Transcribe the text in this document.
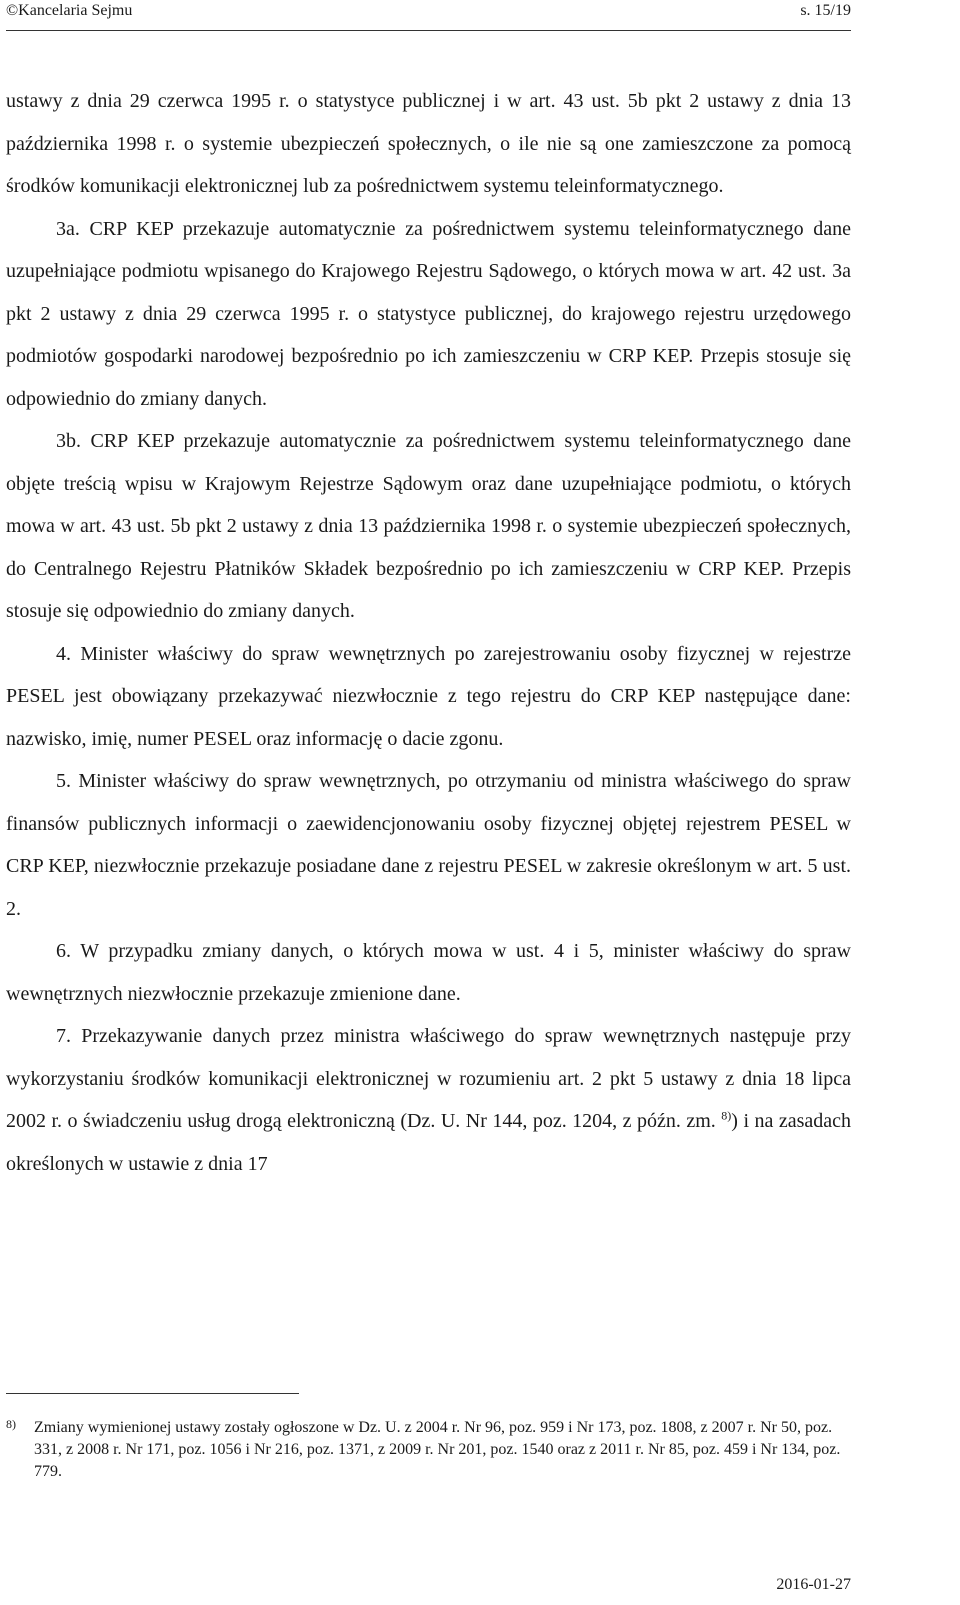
©Kancelaria Sejmu	s. 15/19

ustawy z dnia 29 czerwca 1995 r. o statystyce publicznej i w art. 43 ust. 5b pkt 2 ustawy z dnia 13 października 1998 r. o systemie ubezpieczeń społecznych, o ile nie są one zamieszczone za pomocą środków komunikacji elektronicznej lub za pośrednictwem systemu teleinformatycznego.

3a. CRP KEP przekazuje automatycznie za pośrednictwem systemu teleinformatycznego dane uzupełniające podmiotu wpisanego do Krajowego Rejestru Sądowego, o których mowa w art. 42 ust. 3a pkt 2 ustawy z dnia 29 czerwca 1995 r. o statystyce publicznej, do krajowego rejestru urzędowego podmiotów gospodarki narodowej bezpośrednio po ich zamieszczeniu w CRP KEP. Przepis stosuje się odpowiednio do zmiany danych.

3b. CRP KEP przekazuje automatycznie za pośrednictwem systemu teleinformatycznego dane objęte treścią wpisu w Krajowym Rejestrze Sądowym oraz dane uzupełniające podmiotu, o których mowa w art. 43 ust. 5b pkt 2 ustawy z dnia 13 października 1998 r. o systemie ubezpieczeń społecznych, do Centralnego Rejestru Płatników Składek bezpośrednio po ich zamieszczeniu w CRP KEP. Przepis stosuje się odpowiednio do zmiany danych.

4. Minister właściwy do spraw wewnętrznych po zarejestrowaniu osoby fizycznej w rejestrze PESEL jest obowiązany przekazywać niezwłocznie z tego rejestru do CRP KEP następujące dane: nazwisko, imię, numer PESEL oraz informację o dacie zgonu.

5. Minister właściwy do spraw wewnętrznych, po otrzymaniu od ministra właściwego do spraw finansów publicznych informacji o zaewidencjonowaniu osoby fizycznej objętej rejestrem PESEL w CRP KEP, niezwłocznie przekazuje posiadane dane z rejestru PESEL w zakresie określonym w art. 5 ust. 2.

6. W przypadku zmiany danych, o których mowa w ust. 4 i 5, minister właściwy do spraw wewnętrznych niezwłocznie przekazuje zmienione dane.

7. Przekazywanie danych przez ministra właściwego do spraw wewnętrznych następuje przy wykorzystaniu środków komunikacji elektronicznej w rozumieniu art. 2 pkt 5 ustawy z dnia 18 lipca 2002 r. o świadczeniu usług drogą elektroniczną (Dz. U. Nr 144, poz. 1204, z późn. zm. $^{8)}$) i na zasadach określonych w ustawie z dnia 17

8) Zmiany wymienionej ustawy zostały ogłoszone w Dz. U. z 2004 r. Nr 96, poz. 959 i Nr 173, poz. 1808, z 2007 r. Nr 50, poz. 331, z 2008 r. Nr 171, poz. 1056 i Nr 216, poz. 1371, z 2009 r. Nr 201, poz. 1540 oraz z 2011 r. Nr 85, poz. 459 i Nr 134, poz. 779.
2016-01-27
